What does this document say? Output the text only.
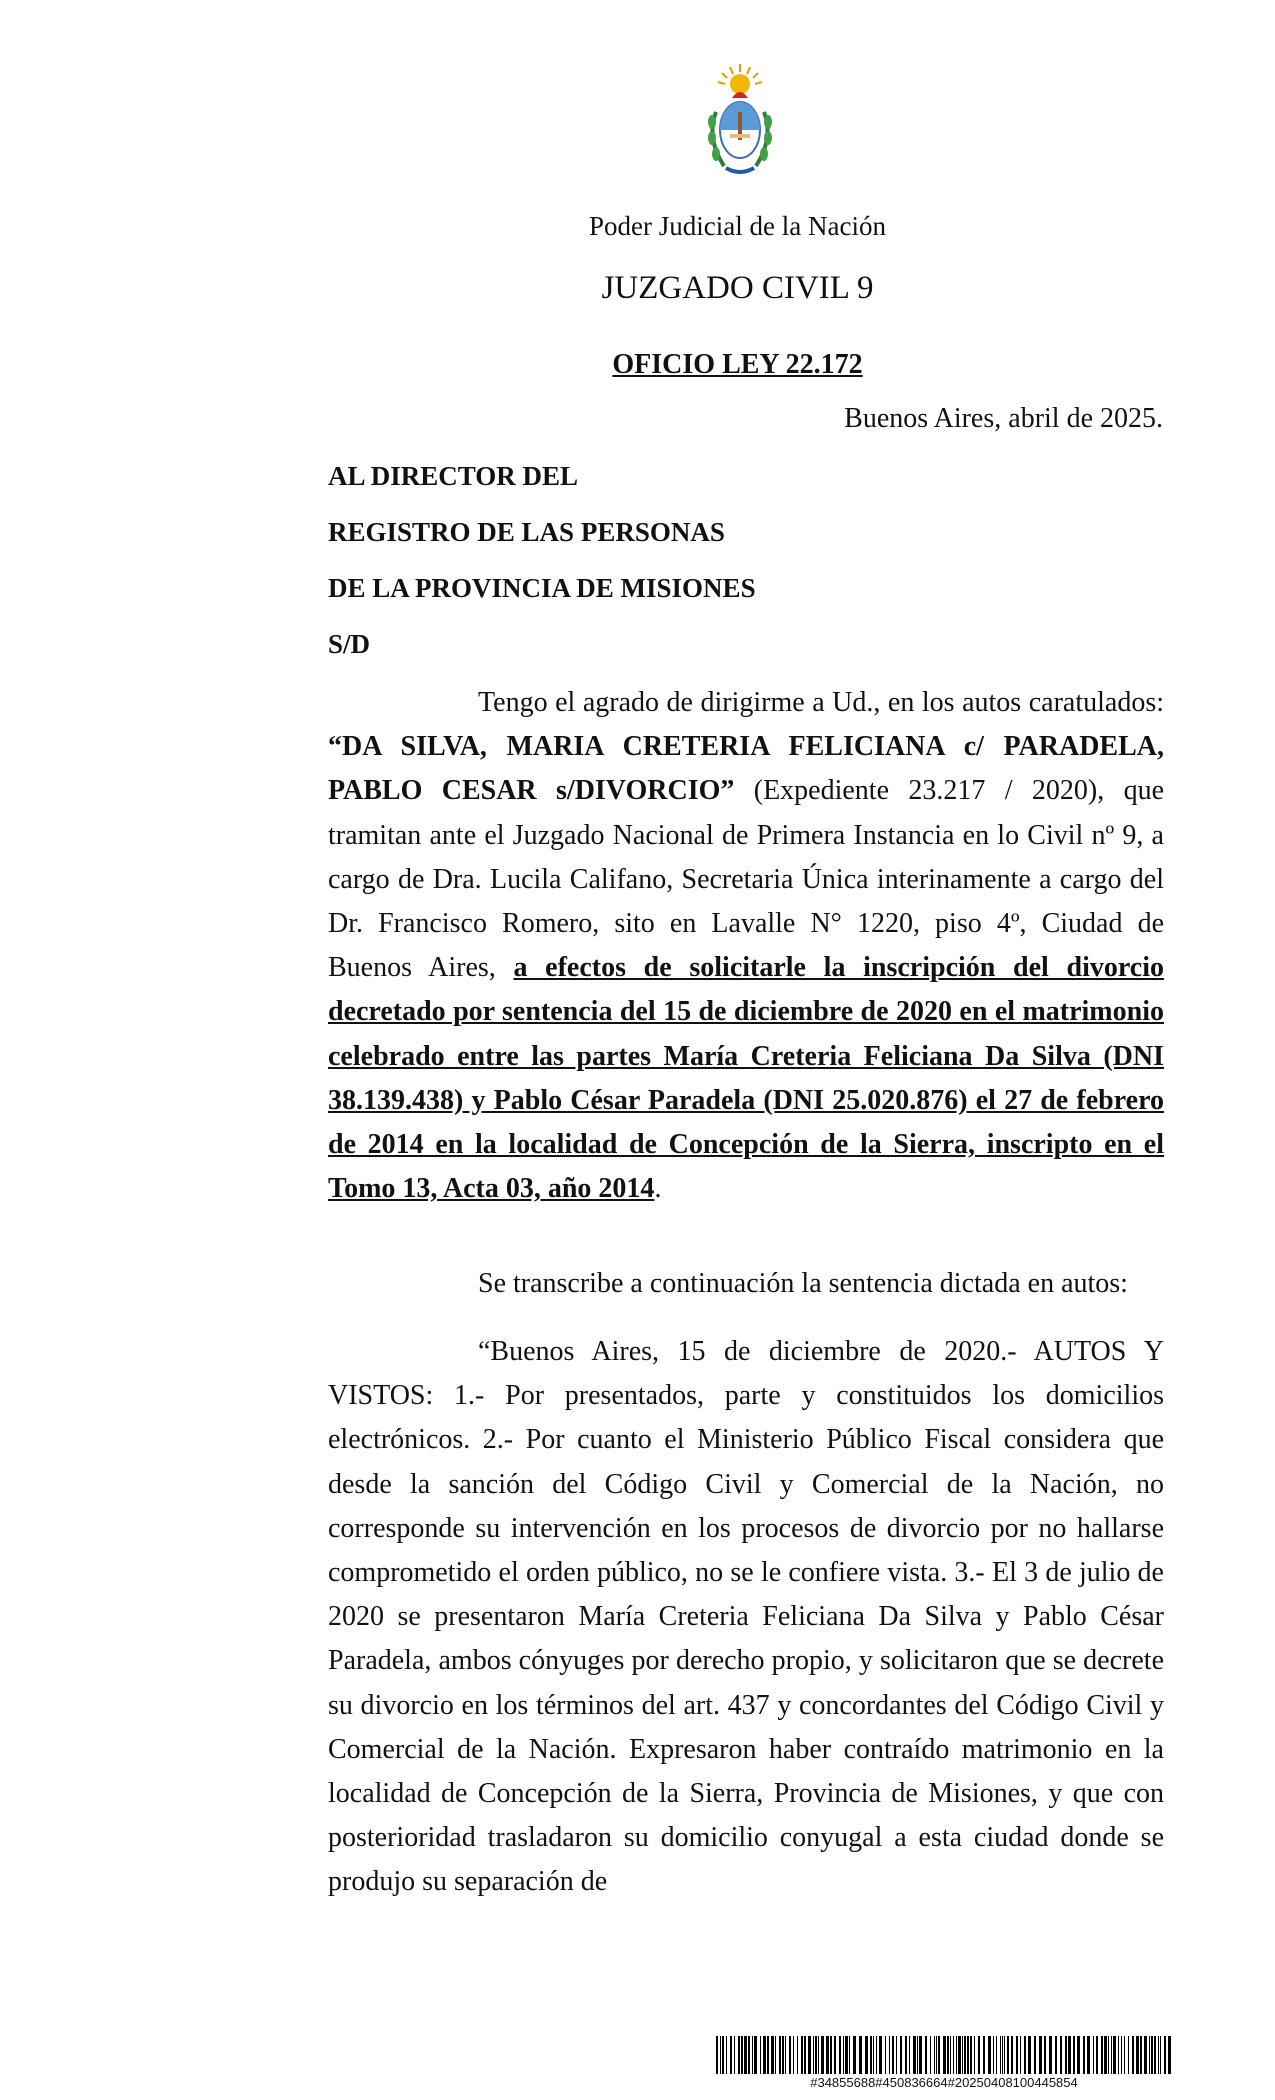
Poder Judicial de la Nación
JUZGADO CIVIL 9
OFICIO LEY 22.172
Buenos Aires, abril de 2025.
AL DIRECTOR DEL
REGISTRO DE LAS PERSONAS
DE LA PROVINCIA DE MISIONES
S/D
Tengo el agrado de dirigirme a Ud., en los autos caratulados: “DA SILVA, MARIA CRETERIA FELICIANA c/ PARADELA, PABLO CESAR s/DIVORCIO” (Expediente 23.217 / 2020), que tramitan ante el Juzgado Nacional de Primera Instancia en lo Civil nº 9, a cargo de Dra. Lucila Califano, Secretaria Única interinamente a cargo del Dr. Francisco Romero, sito en Lavalle N° 1220, piso 4º, Ciudad de Buenos Aires, a efectos de solicitarle la inscripción del divorcio decretado por sentencia del 15 de diciembre de 2020 en el matrimonio celebrado entre las partes María Creteria Feliciana Da Silva (DNI 38.139.438) y Pablo César Paradela (DNI 25.020.876) el 27 de febrero de 2014 en la localidad de Concepción de la Sierra, inscripto en el Tomo 13, Acta 03, año 2014.
Se transcribe a continuación la sentencia dictada en autos:
“Buenos Aires, 15 de diciembre de 2020.- AUTOS Y VISTOS: 1.- Por presentados, parte y constituidos los domicilios electrónicos. 2.- Por cuanto el Ministerio Público Fiscal considera que desde la sanción del Código Civil y Comercial de la Nación, no corresponde su intervención en los procesos de divorcio por no hallarse comprometido el orden público, no se le confiere vista. 3.- El 3 de julio de 2020 se presentaron María Creteria Feliciana Da Silva y Pablo César Paradela, ambos cónyuges por derecho propio, y solicitaron que se decrete su divorcio en los términos del art. 437 y concordantes del Código Civil y Comercial de la Nación. Expresaron haber contraído matrimonio en la localidad de Concepción de la Sierra, Provincia de Misiones, y que con posterioridad trasladaron su domicilio conyugal a esta ciudad donde se produjo su separación de
#34855688#450836664#20250408100445854
